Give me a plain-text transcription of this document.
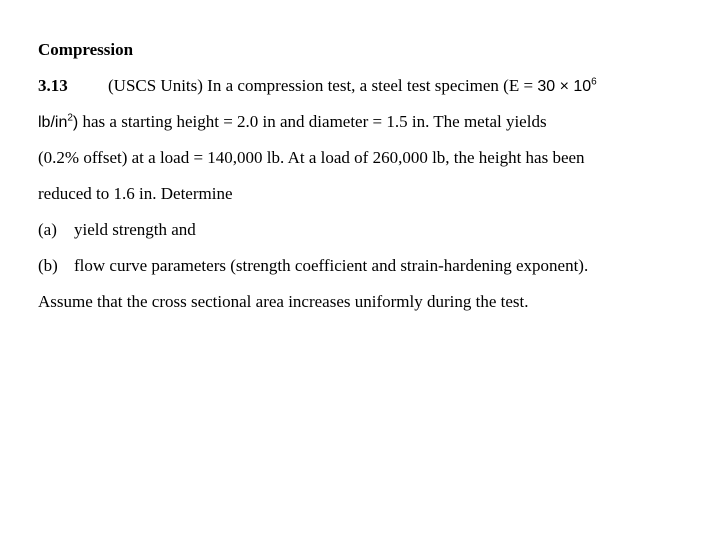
Compression
3.13 (USCS Units) In a compression test, a steel test specimen ($E = 30 \times 10^6$
$lb/in^2$) has a starting height = 2.0 in and diameter = 1.5 in. The metal yields
(0.2% offset) at a load = 140,000 lb. At a load of 260,000 lb, the height has been
reduced to 1.6 in. Determine
(a) yield strength and
(b) flow curve parameters (strength coefficient and strain-hardening exponent).
Assume that the cross sectional area increases uniformly during the test.
